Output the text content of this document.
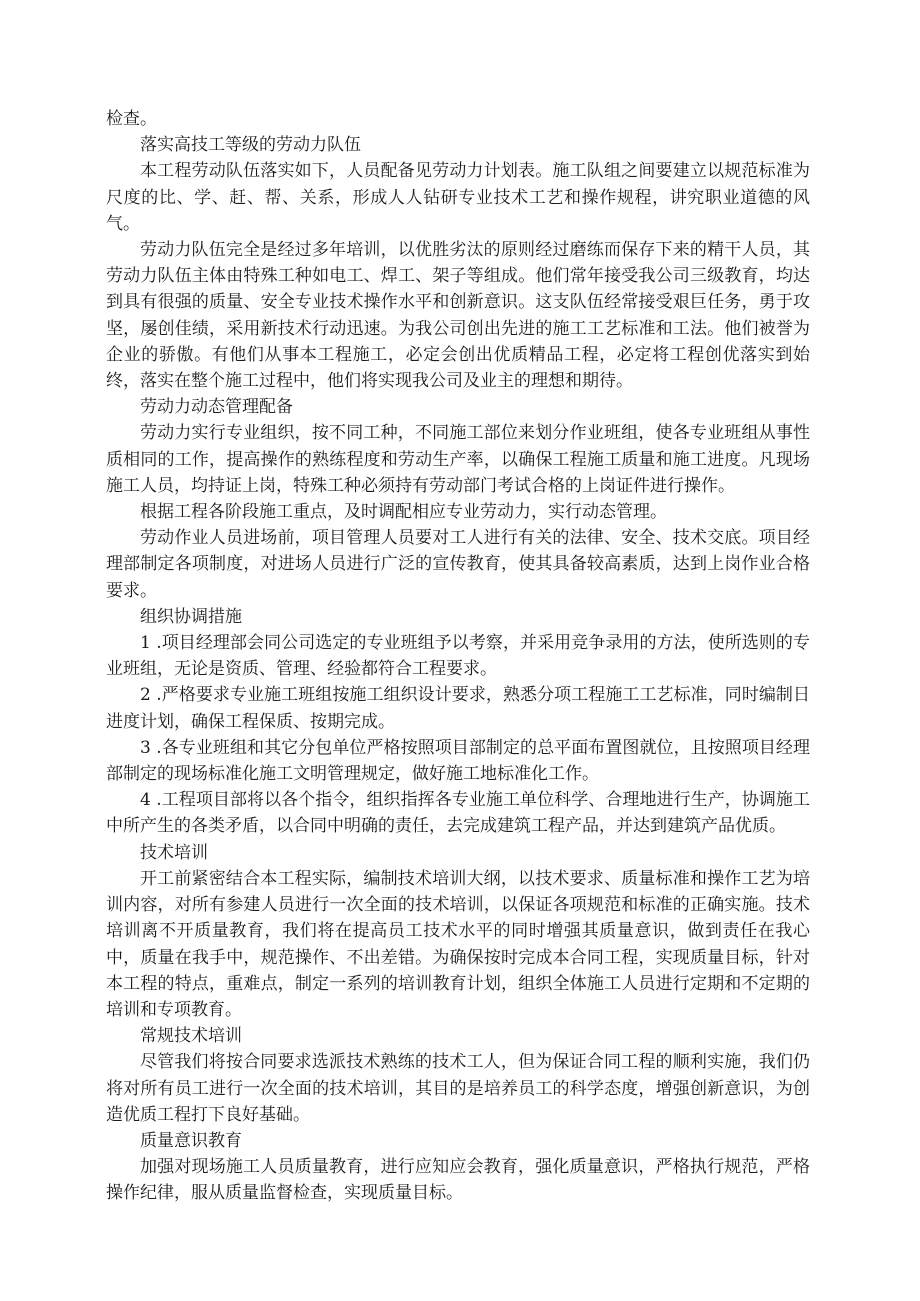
检查。

落实高技工等级的劳动力队伍

本工程劳动队伍落实如下，人员配备见劳动力计划表。施工队组之间要建立以规范标准为尺度的比、学、赶、帮、关系，形成人人钻研专业技术工艺和操作规程，讲究职业道德的风气。

劳动力队伍完全是经过多年培训，以优胜劣汰的原则经过磨练而保存下来的精干人员，其劳动力队伍主体由特殊工种如电工、焊工、架子等组成。他们常年接受我公司三级教育，均达到具有很强的质量、安全专业技术操作水平和创新意识。这支队伍经常接受艰巨任务，勇于攻坚，屡创佳绩，采用新技术行动迅速。为我公司创出先进的施工工艺标准和工法。他们被誉为企业的骄傲。有他们从事本工程施工，必定会创出优质精品工程，必定将工程创优落实到始终，落实在整个施工过程中，他们将实现我公司及业主的理想和期待。

劳动力动态管理配备

劳动力实行专业组织，按不同工种，不同施工部位来划分作业班组，使各专业班组从事性质相同的工作，提高操作的熟练程度和劳动生产率，以确保工程施工质量和施工进度。凡现场施工人员，均持证上岗，特殊工种必须持有劳动部门考试合格的上岗证件进行操作。

根据工程各阶段施工重点，及时调配相应专业劳动力，实行动态管理。

劳动作业人员进场前，项目管理人员要对工人进行有关的法律、安全、技术交底。项目经理部制定各项制度，对进场人员进行广泛的宣传教育，使其具备较高素质，达到上岗作业合格要求。

组织协调措施

1 .项目经理部会同公司选定的专业班组予以考察，并采用竞争录用的方法，使所选则的专业班组，无论是资质、管理、经验都符合工程要求。

2 .严格要求专业施工班组按施工组织设计要求，熟悉分项工程施工工艺标准，同时编制日进度计划，确保工程保质、按期完成。

3 .各专业班组和其它分包单位严格按照项目部制定的总平面布置图就位，且按照项目经理部制定的现场标准化施工文明管理规定，做好施工地标准化工作。

4 .工程项目部将以各个指令，组织指挥各专业施工单位科学、合理地进行生产，协调施工中所产生的各类矛盾，以合同中明确的责任，去完成建筑工程产品，并达到建筑产品优质。

技术培训

开工前紧密结合本工程实际，编制技术培训大纲，以技术要求、质量标准和操作工艺为培训内容，对所有参建人员进行一次全面的技术培训，以保证各项规范和标准的正确实施。技术培训离不开质量教育，我们将在提高员工技术水平的同时增强其质量意识，做到责任在我心中，质量在我手中，规范操作、不出差错。为确保按时完成本合同工程，实现质量目标，针对本工程的特点，重难点，制定一系列的培训教育计划，组织全体施工人员进行定期和不定期的培训和专项教育。

常规技术培训

尽管我们将按合同要求选派技术熟练的技术工人，但为保证合同工程的顺利实施，我们仍将对所有员工进行一次全面的技术培训，其目的是培养员工的科学态度，增强创新意识，为创造优质工程打下良好基础。

质量意识教育

加强对现场施工人员质量教育，进行应知应会教育，强化质量意识，严格执行规范，严格操作纪律，服从质量监督检查，实现质量目标。
